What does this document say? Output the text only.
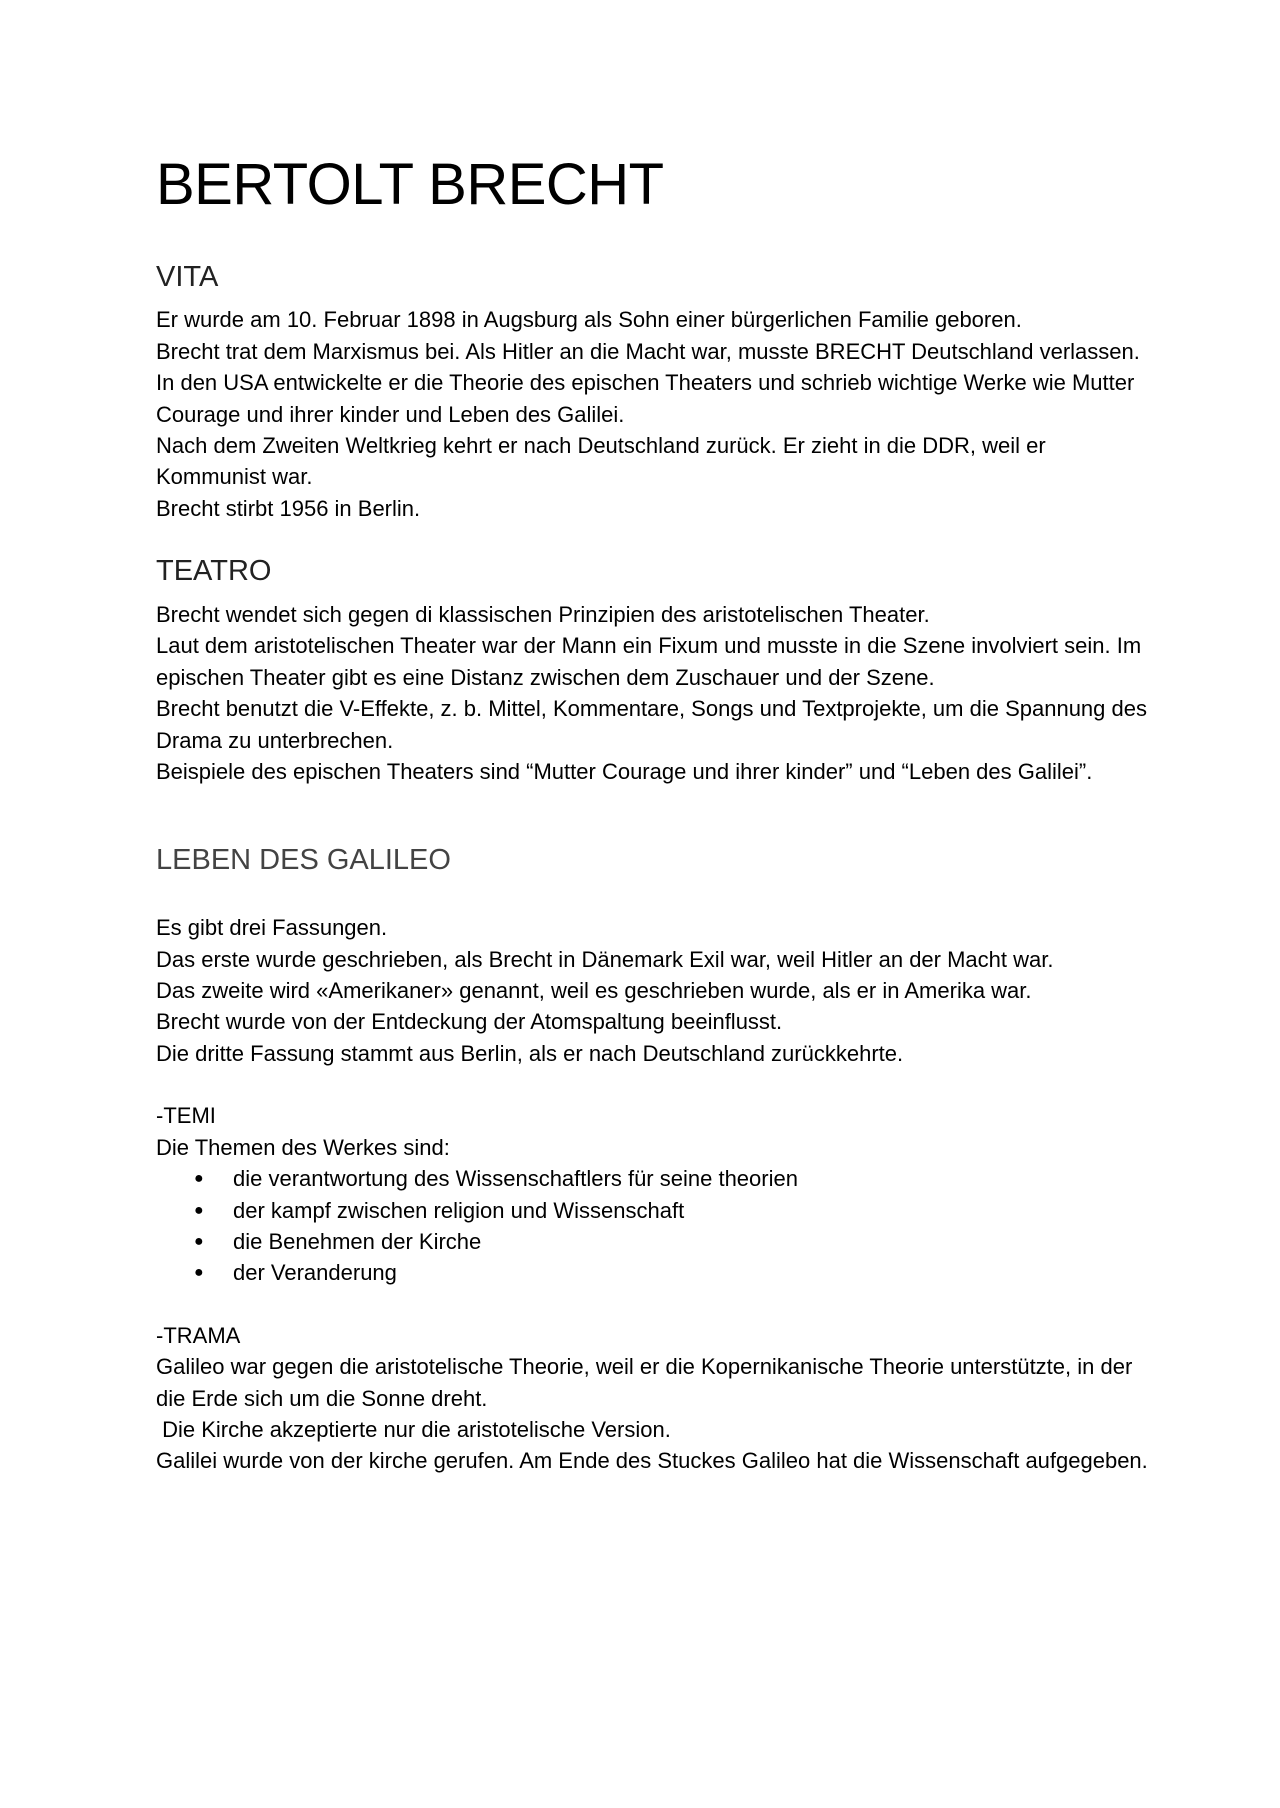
BERTOLT BRECHT
VITA

Er wurde am 10. Februar 1898 in Augsburg als Sohn einer bürgerlichen Familie geboren.
Brecht trat dem Marxismus bei. Als Hitler an die Macht war, musste BRECHT Deutschland verlassen.
In den USA entwickelte er die Theorie des epischen Theaters und schrieb wichtige Werke wie Mutter Courage und ihrer kinder und Leben des Galilei.
Nach dem Zweiten Weltkrieg kehrt er nach Deutschland zurück. Er zieht in die DDR, weil er Kommunist war.
Brecht stirbt 1956 in Berlin.

TEATRO

Brecht wendet sich gegen di klassischen Prinzipien des aristotelischen Theater.
Laut dem aristotelischen Theater war der Mann ein Fixum und musste in die Szene involviert sein. Im epischen Theater gibt es eine Distanz zwischen dem Zuschauer und der Szene.
Brecht benutzt die V-Effekte, z. b. Mittel, Kommentare, Songs und Textprojekte, um die Spannung des Drama zu unterbrechen.
Beispiele des epischen Theaters sind “Mutter Courage und ihrer kinder” und “Leben des Galilei”.

LEBEN DES GALILEO

Es gibt drei Fassungen.
Das erste wurde geschrieben, als Brecht in Dänemark Exil war, weil Hitler an der Macht war.
Das zweite wird «Amerikaner» genannt, weil es geschrieben wurde, als er in Amerika war.
Brecht wurde von der Entdeckung der Atomspaltung beeinflusst.
Die dritte Fassung stammt aus Berlin, als er nach Deutschland zurückkehrte.

-TEMI
Die Themen des Werkes sind:
● die verantwortung des Wissenschaftlers für seine theorien
● der kampf zwischen religion und Wissenschaft
● die Benehmen der Kirche
● der Veranderung
-TRAMA

Galileo war gegen die aristotelische Theorie, weil er die Kopernikanische Theorie unterstützte, in der die Erde sich um die Sonne dreht.
Die Kirche akzeptierte nur die aristotelische Version.
Galilei wurde von der kirche gerufen. Am Ende des Stuckes Galileo hat die Wissenschaft aufgegeben.
